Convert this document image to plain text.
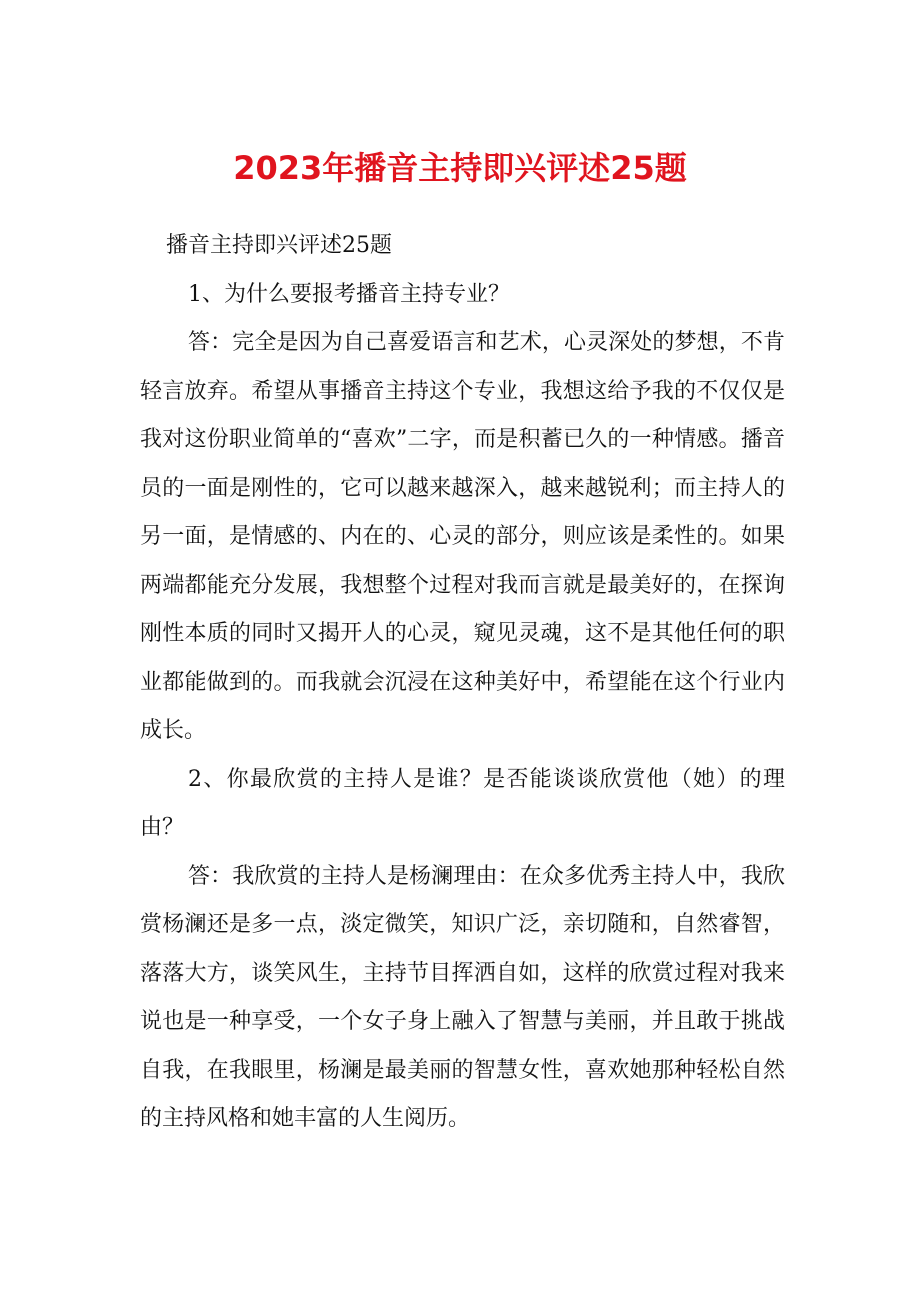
2023年播音主持即兴评述25题

播音主持即兴评述25题

1、为什么要报考播音主持专业？

答：完全是因为自己喜爱语言和艺术，心灵深处的梦想，不肯轻言放弃。希望从事播音主持这个专业，我想这给予我的不仅仅是我对这份职业简单的“喜欢”二字，而是积蓄已久的一种情感。播音员的一面是刚性的，它可以越来越深入，越来越锐利；而主持人的另一面，是情感的、内在的、心灵的部分，则应该是柔性的。如果两端都能充分发展，我想整个过程对我而言就是最美好的，在探询刚性本质的同时又揭开人的心灵，窥见灵魂，这不是其他任何的职业都能做到的。而我就会沉浸在这种美好中，希望能在这个行业内成长。

2、你最欣赏的主持人是谁？是否能谈谈欣赏他（她）的理由？

答：我欣赏的主持人是杨澜理由：在众多优秀主持人中，我欣赏杨澜还是多一点，淡定微笑，知识广泛，亲切随和，自然睿智，落落大方，谈笑风生，主持节目挥洒自如，这样的欣赏过程对我来说也是一种享受，一个女子身上融入了智慧与美丽，并且敢于挑战自我，在我眼里，杨澜是最美丽的智慧女性，喜欢她那种轻松自然的主持风格和她丰富的人生阅历。
